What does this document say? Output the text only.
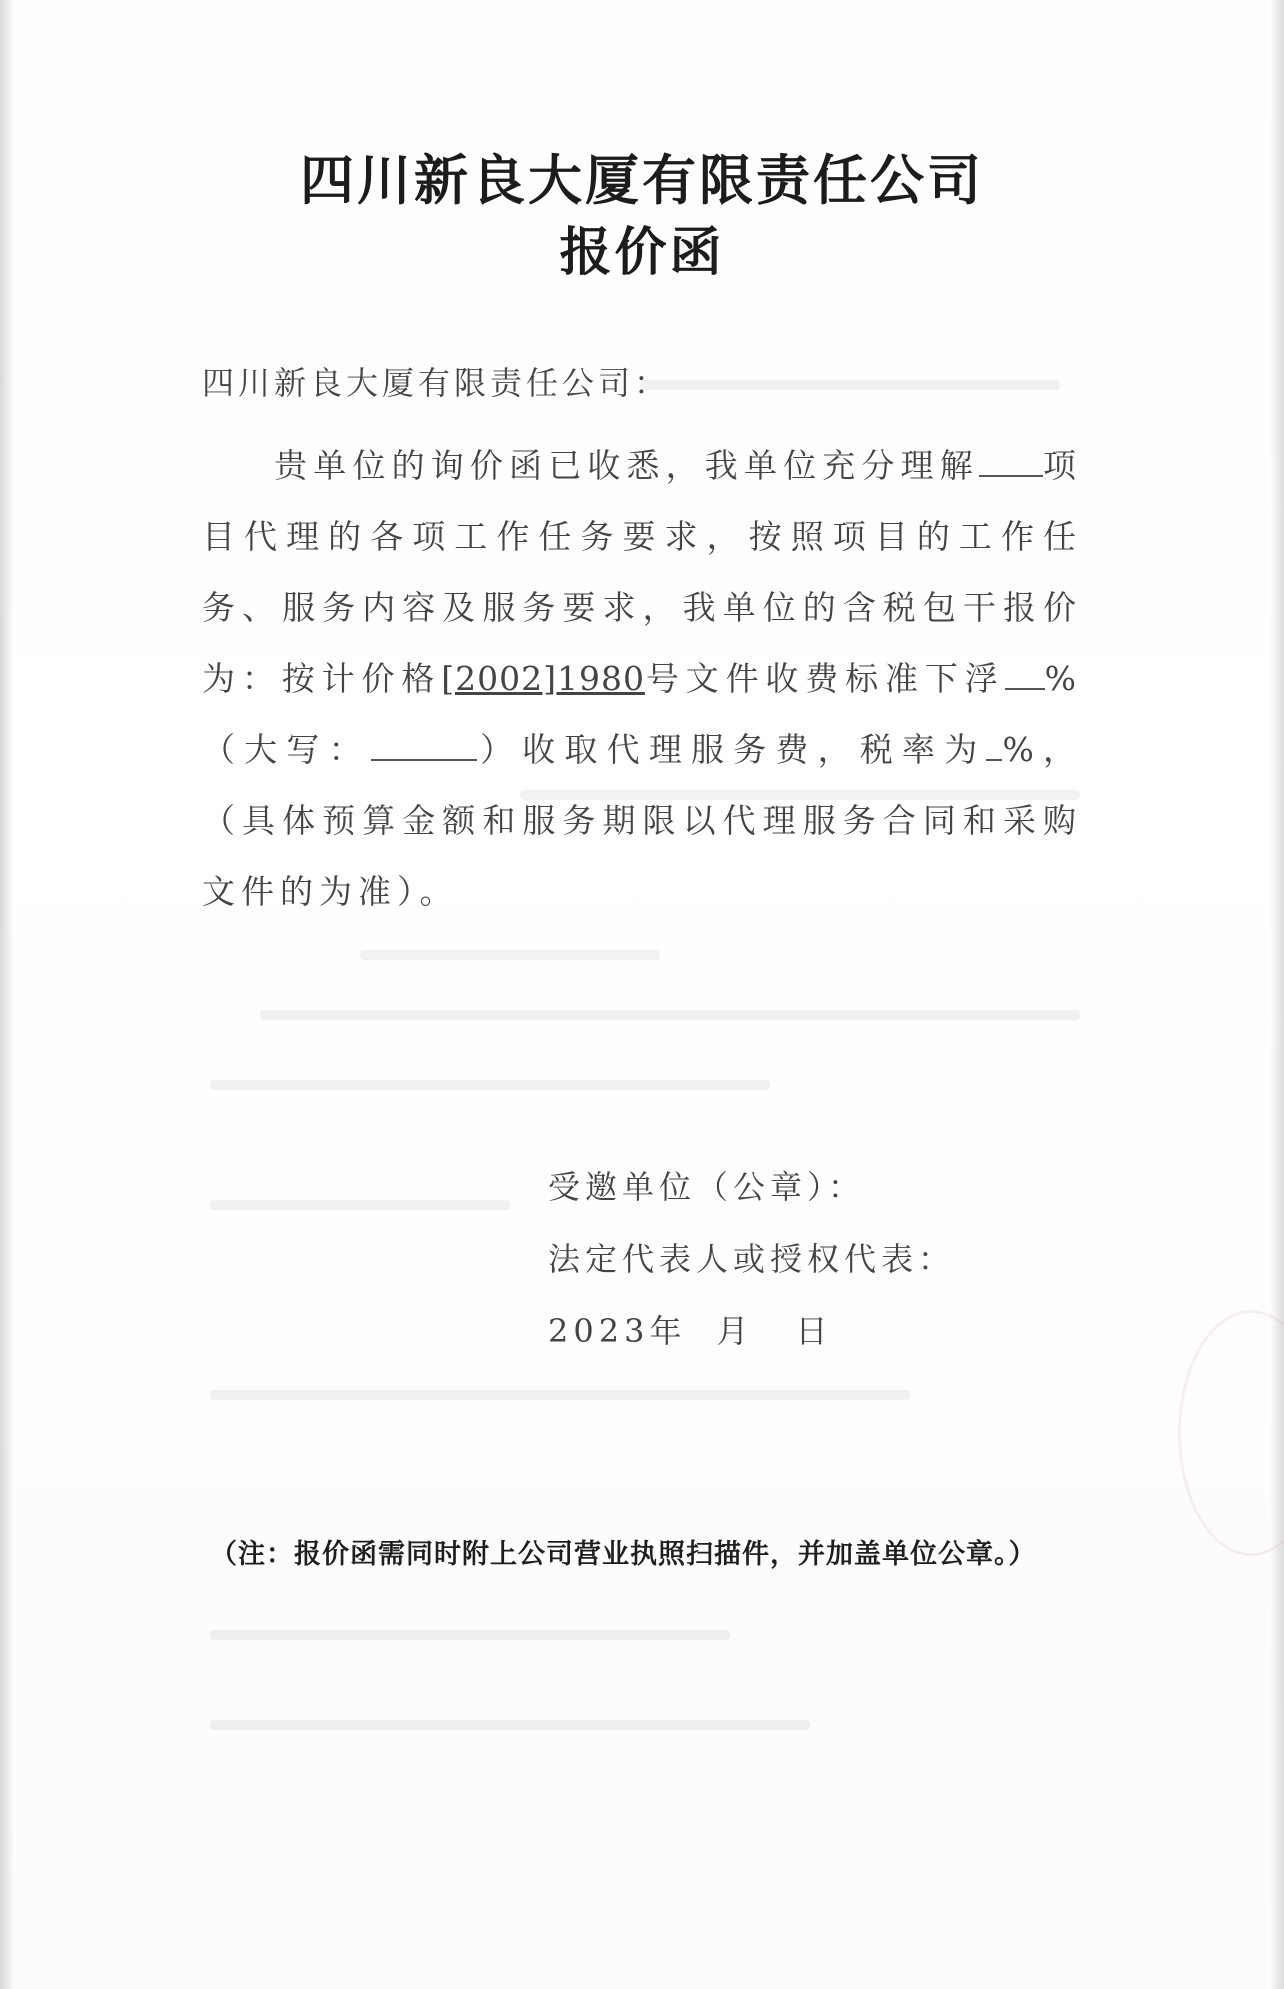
四川新良大厦有限责任公司
报价函
四川新良大厦有限责任公司：
贵单位的询价函已收悉，我单位充分理解 项目代理的各项工作任务要求，按照项目的工作任务、服务内容及服务要求，我单位的含税包干报价为：按计价格[2002]1980号文件收费标准下浮 %（大写：	）收取代理服务费，税率为 %，（具体预算金额和服务期限以代理服务合同和采购文件的为准）。
受邀单位（公章）：
法定代表人或授权代表：
2023年 月 日
（注：报价函需同时附上公司营业执照扫描件，并加盖单位公章。）
